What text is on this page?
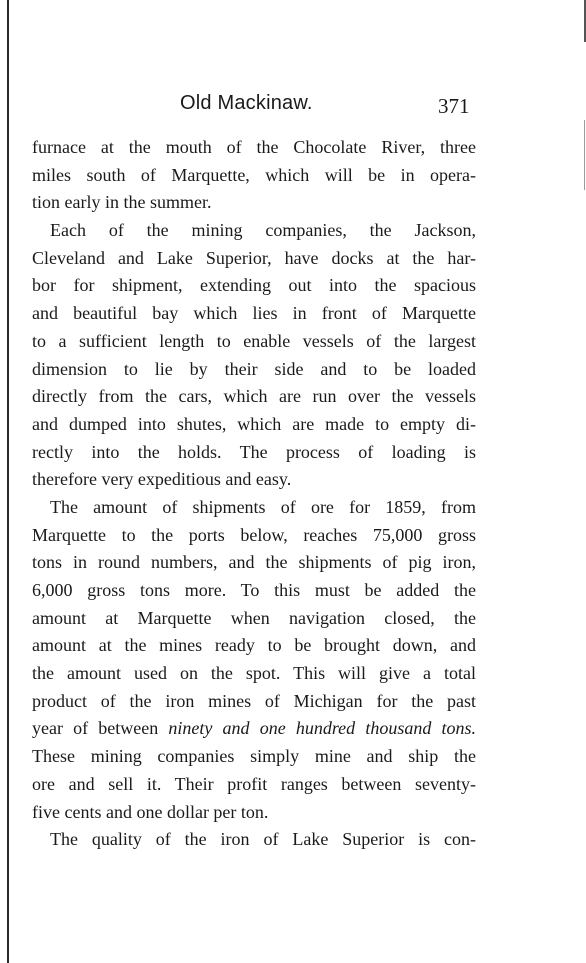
Old Mackinaw.	371
furnace at the mouth of the Chocolate River, three
miles south of Marquette, which will be in opera-
tion early in the summer.
Each of the mining companies, the Jackson,
Cleveland and Lake Superior, have docks at the har-
bor for shipment, extending out into the spacious
and beautiful bay which lies in front of Marquette
to a sufficient length to enable vessels of the largest
dimension to lie by their side and to be loaded
directly from the cars, which are run over the vessels
and dumped into shutes, which are made to empty di-
rectly into the holds. The process of loading is
therefore very expeditious and easy.
The amount of shipments of ore for 1859, from
Marquette to the ports below, reaches 75,000 gross
tons in round numbers, and the shipments of pig iron,
6,000 gross tons more. To this must be added the
amount at Marquette when navigation closed, the
amount at the mines ready to be brought down, and
the amount used on the spot. This will give a total
product of the iron mines of Michigan for the past
year of between ninety and one hundred thousand tons.
These mining companies simply mine and ship the
ore and sell it. Their profit ranges between seventy-
five cents and one dollar per ton.
The quality of the iron of Lake Superior is con-
